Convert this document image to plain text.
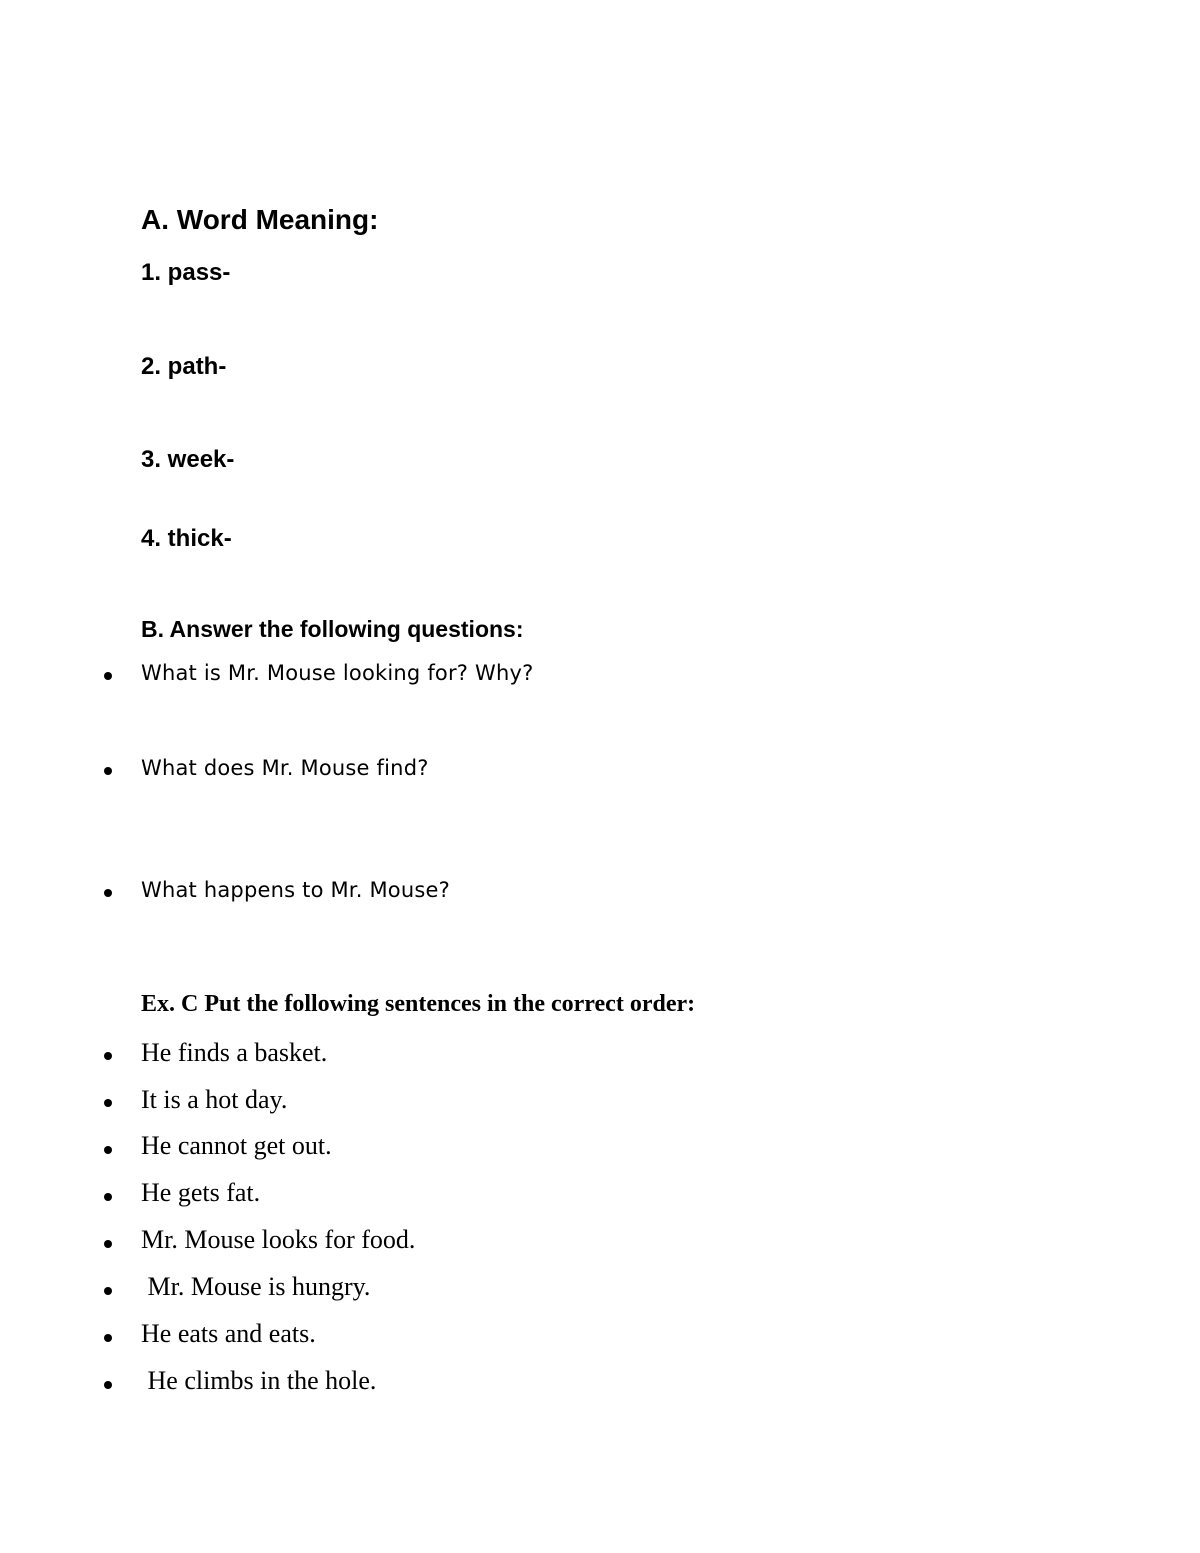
A. Word Meaning:
1. pass-
2. path-
3. week-
4. thick-
B. Answer the following questions:
What is Mr. Mouse looking for? Why?
What does Mr. Mouse find?
What happens to Mr. Mouse?
Ex. C Put the following sentences in the correct order:
He finds a basket.
It is a hot day.
He cannot get out.
He gets fat.
Mr. Mouse looks for food.
Mr. Mouse is hungry.
He eats and eats.
He climbs in the hole.
